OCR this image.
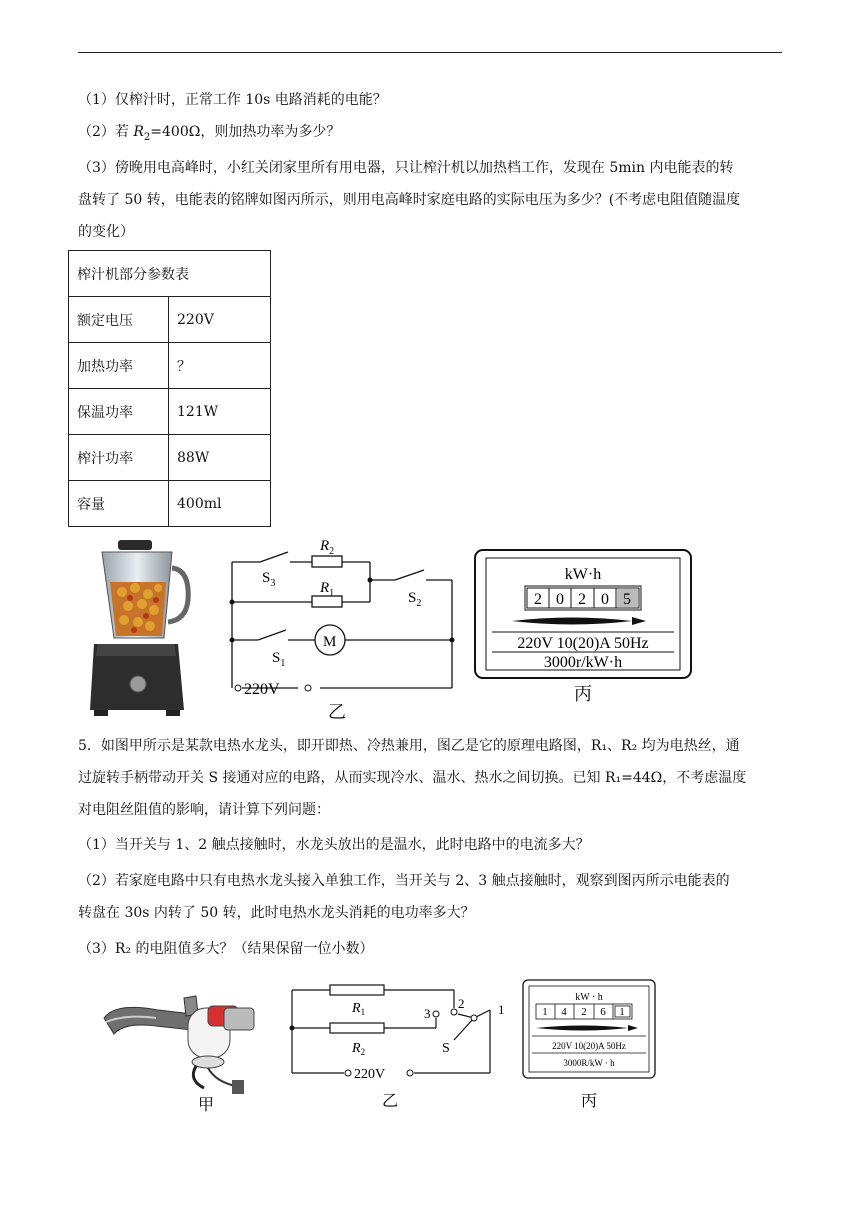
（1）仅榨汁时，正常工作 10s 电路消耗的电能？
（2）若 $R_2=400\Omega$，则加热功率为多少？
（3）傍晚用电高峰时，小红关闭家里所有用电器，只让榨汁机以加热档工作，发现在 5min 内电能表的转
盘转了 50 转，电能表的铭牌如图丙所示，则用电高峰时家庭电路的实际电压为多少？(不考虑电阻值随温度
的变化）
榨汁机部分参数表	
额定电压	220V
加热功率	？
保温功率	121W
榨汁功率	88W
容量	400ml
$R_2$
$R_1$
$S_3$
$S_2$
$S_1$
M
220V
乙
kW·h
2 0 2 0 5
220V 10(20)A 50Hz
3000r/kW·h
丙
5．如图甲所示是某款电热水龙头，即开即热、冷热兼用，图乙是它的原理电路图，R₁、R₂ 均为电热丝，通
过旋转手柄带动开关 S 接通对应的电路，从而实现冷水、温水、热水之间切换。已知 R₁=44Ω，不考虑温度
对电阻丝阻值的影响，请计算下列问题：
（1）当开关与 1、2 触点接触时，水龙头放出的是温水，此时电路中的电流多大？
（2）若家庭电路中只有电热水龙头接入单独工作，当开关与 2、3 触点接触时，观察到图丙所示电能表的
转盘在 30s 内转了 50 转，此时电热水龙头消耗的电功率多大？
（3）R₂ 的电阻值多大？（结果保留一位小数）
甲
$R_1$
$R_2$
3
2	1
S
220V
乙
kW · h
1 4 2 6 1
220V 10(20)A 50Hz
3000R/kW · h
丙
